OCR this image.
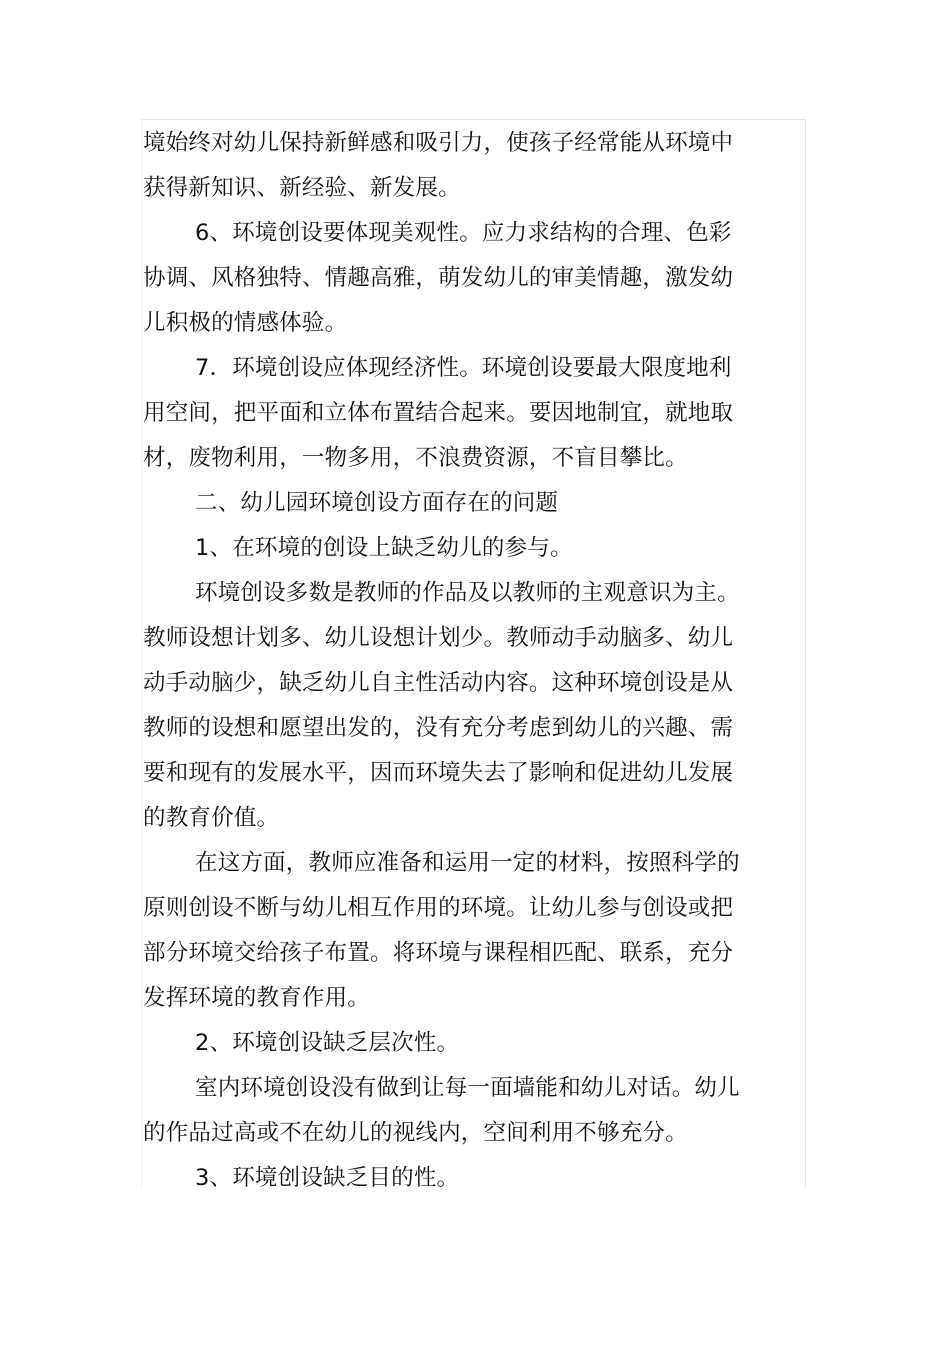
境始终对幼儿保持新鲜感和吸引力，使孩子经常能从环境中
获得新知识、新经验、新发展。
6、环境创设要体现美观性。应力求结构的合理、色彩
协调、风格独特、情趣高雅，萌发幼儿的审美情趣，激发幼
儿积极的情感体验。
7．环境创设应体现经济性。环境创设要最大限度地利
用空间，把平面和立体布置结合起来。要因地制宜，就地取
材，废物利用，一物多用，不浪费资源，不盲目攀比。
二、幼儿园环境创设方面存在的问题
1、在环境的创设上缺乏幼儿的参与。
环境创设多数是教师的作品及以教师的主观意识为主。
教师设想计划多、幼儿设想计划少。教师动手动脑多、幼儿
动手动脑少，缺乏幼儿自主性活动内容。这种环境创设是从
教师的设想和愿望出发的，没有充分考虑到幼儿的兴趣、需
要和现有的发展水平，因而环境失去了影响和促进幼儿发展
的教育价值。
在这方面，教师应准备和运用一定的材料，按照科学的
原则创设不断与幼儿相互作用的环境。让幼儿参与创设或把
部分环境交给孩子布置。将环境与课程相匹配、联系，充分
发挥环境的教育作用。
2、环境创设缺乏层次性。
室内环境创设没有做到让每一面墙能和幼儿对话。幼儿
的作品过高或不在幼儿的视线内，空间利用不够充分。
3、环境创设缺乏目的性。
